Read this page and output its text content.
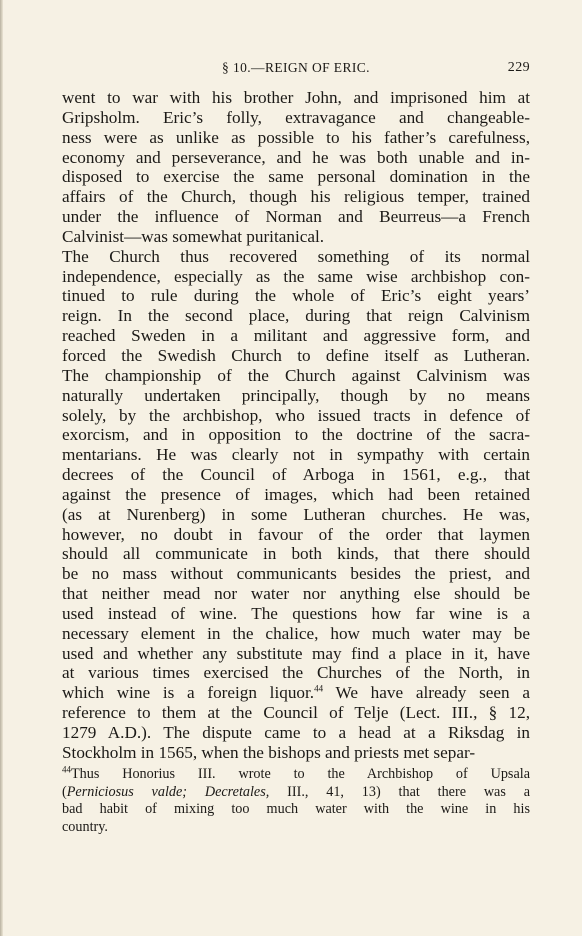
§ 10.—REIGN OF ERIC.	229
went to war with his brother John, and imprisoned him at
Gripsholm. Eric’s folly, extravagance and changeable-
ness were as unlike as possible to his father’s carefulness,
economy and perseverance, and he was both unable and in-
disposed to exercise the same personal domination in the
affairs of the Church, though his religious temper, trained
under the influence of Norman and Beurreus—a French
Calvinist—was somewhat puritanical.
The Church thus recovered something of its normal
independence, especially as the same wise archbishop con-
tinued to rule during the whole of Eric’s eight years’
reign. In the second place, during that reign Calvinism
reached Sweden in a militant and aggressive form, and
forced the Swedish Church to define itself as Lutheran.
The championship of the Church against Calvinism was
naturally undertaken principally, though by no means
solely, by the archbishop, who issued tracts in defence of
exorcism, and in opposition to the doctrine of the sacra-
mentarians. He was clearly not in sympathy with certain
decrees of the Council of Arboga in 1561, e.g., that
against the presence of images, which had been retained
(as at Nurenberg) in some Lutheran churches. He was,
however, no doubt in favour of the order that laymen
should all communicate in both kinds, that there should
be no mass without communicants besides the priest, and
that neither mead nor water nor anything else should be
used instead of wine. The questions how far wine is a
necessary element in the chalice, how much water may be
used and whether any substitute may find a place in it, have
at various times exercised the Churches of the North, in
which wine is a foreign liquor.$^{44}$ We have already seen a
reference to them at the Council of Telje (Lect. III., § 12,
1279 A.D.). The dispute came to a head at a Riksdag in
Stockholm in 1565, when the bishops and priests met separ-
$^{44}$Thus Honorius III. wrote to the Archbishop of Upsala
(Perniciosus valde; Decretales, III., 41, 13) that there was a
bad habit of mixing too much water with the wine in his
country.
